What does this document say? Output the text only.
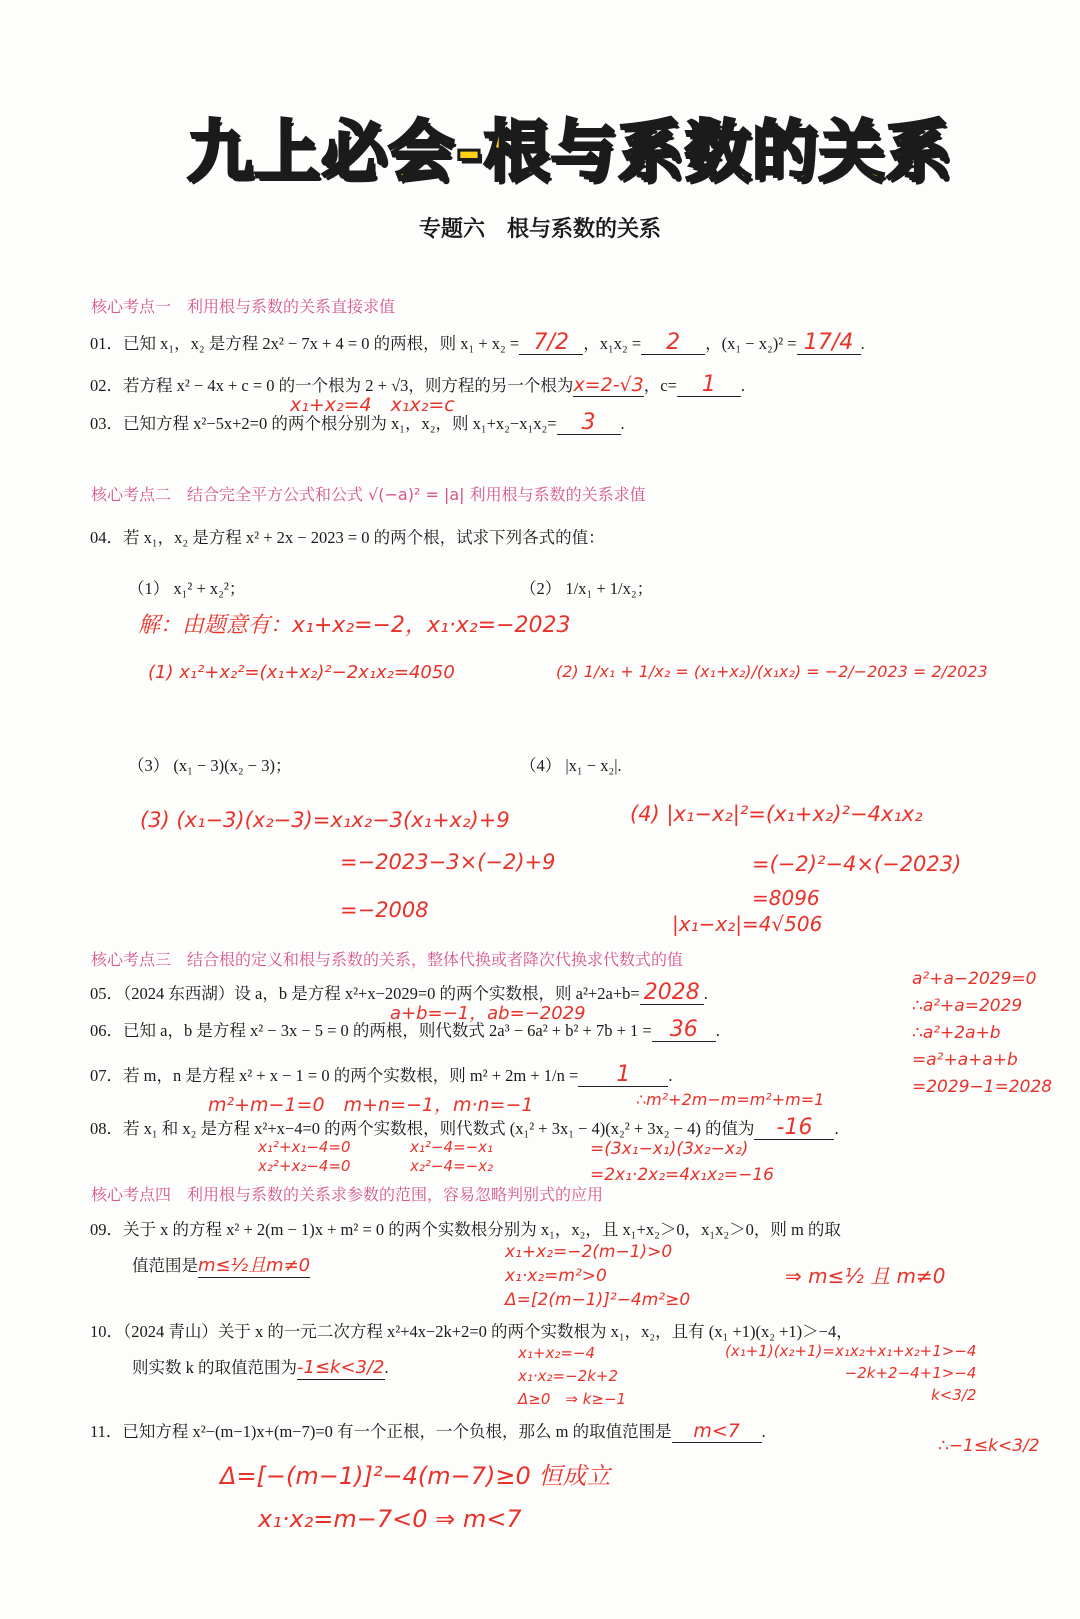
九上必会-根与系数的关系
专题六　根与系数的关系
核心考点一　利用根与系数的关系直接求值
01．已知 x₁，x₂ 是方程 2x² − 7x + 4 = 0 的两根，则 x₁ + x₂ = 7/2 ，x₁x₂ = 2 ，(x₁ − x₂)² = 17/4 .
02．若方程 x² − 4x + c = 0 的一个根为 2 + √3，则方程的另一个根为x=2-√3，c= 1 .
x₁+x₂=4　x₁x₂=c
03．已知方程 x²−5x+2=0 的两个根分别为 x₁，x₂，则 x₁+x₂−x₁x₂= 3 .
核心考点二　结合完全平方公式和公式 √(−a)² = |a| 利用根与系数的关系求值
04．若 x₁，x₂ 是方程 x² + 2x − 2023 = 0 的两个根，试求下列各式的值：
（1） x₁² + x₂²；	（2） 1/x₁ + 1/x₂；
解：由题意有：x₁+x₂=−2，x₁·x₂=−2023
(1) x₁²+x₂²=(x₁+x₂)²−2x₁x₂=4050	(2) 1/x₁ + 1/x₂ = (x₁+x₂)/(x₁x₂) = −2/−2023 = 2/2023
（3） (x₁ − 3)(x₂ − 3)；	（4） |x₁ − x₂|.
(3) (x₁−3)(x₂−3)=x₁x₂−3(x₁+x₂)+9
=−2023−3×(−2)+9
=−2008
(4) |x₁−x₂|²=(x₁+x₂)²−4x₁x₂
=(−2)²−4×(−2023)
=8096
|x₁−x₂|=4√506
核心考点三　结合根的定义和根与系数的关系，整体代换或者降次代换求代数式的值
05．（2024 东西湖）设 a，b 是方程 x²+x−2029=0 的两个实数根，则 a²+2a+b= 2028 .
a+b=−1，ab=−2029
06．已知 a，b 是方程 x² − 3x − 5 = 0 的两根，则代数式 2a³ − 6a² + b² + 7b + 1 = 36 .
a²+a−2029=0
∴a²+a=2029
∴a²+2a+b
=a²+a+a+b
=2029−1=2028
07．若 m，n 是方程 x² + x − 1 = 0 的两个实数根，则 m² + 2m + 1/n = 1 .
m²+m−1=0　m+n=−1，m·n=−1	∴m²+2m−m=m²+m=1
08．若 x₁ 和 x₂ 是方程 x²+x−4=0 的两个实数根，则代数式 (x₁² + 3x₁ − 4)(x₂² + 3x₂ − 4) 的值为 -16 .
x₁²+x₁−4=0
x₂²+x₂−4=0
x₁²−4=−x₁
x₂²−4=−x₂
=(3x₁−x₁)(3x₂−x₂)
=2x₁·2x₂=4x₁x₂=−16
核心考点四　利用根与系数的关系求参数的范围，容易忽略判别式的应用
09．关于 x 的方程 x² + 2(m − 1)x + m² = 0 的两个实数根分别为 x₁，x₂，且 x₁+x₂＞0，x₁x₂＞0，则 m 的取
值范围是m≤½且m≠0
x₁+x₂=−2(m−1)>0
x₁·x₂=m²>0
Δ=[2(m−1)]²−4m²≥0
⇒ m≤½ 且 m≠0
10．（2024 青山）关于 x 的一元二次方程 x²+4x−2k+2=0 的两个实数根为 x₁，x₂，且有 (x₁ +1)(x₂ +1)＞−4，
则实数 k 的取值范围为-1≤k<3/2.
x₁+x₂=−4
x₁·x₂=−2k+2
Δ≥0　⇒ k≥−1
(x₁+1)(x₂+1)=x₁x₂+x₁+x₂+1>−4
−2k+2−4+1>−4
k<3/2
11．已知方程 x²−(m−1)x+(m−7)=0 有一个正根，一个负根，那么 m 的取值范围是 m<7 .
∴−1≤k<3/2
Δ=[−(m−1)]²−4(m−7)≥0 恒成立
x₁·x₂=m−7<0 ⇒ m<7
